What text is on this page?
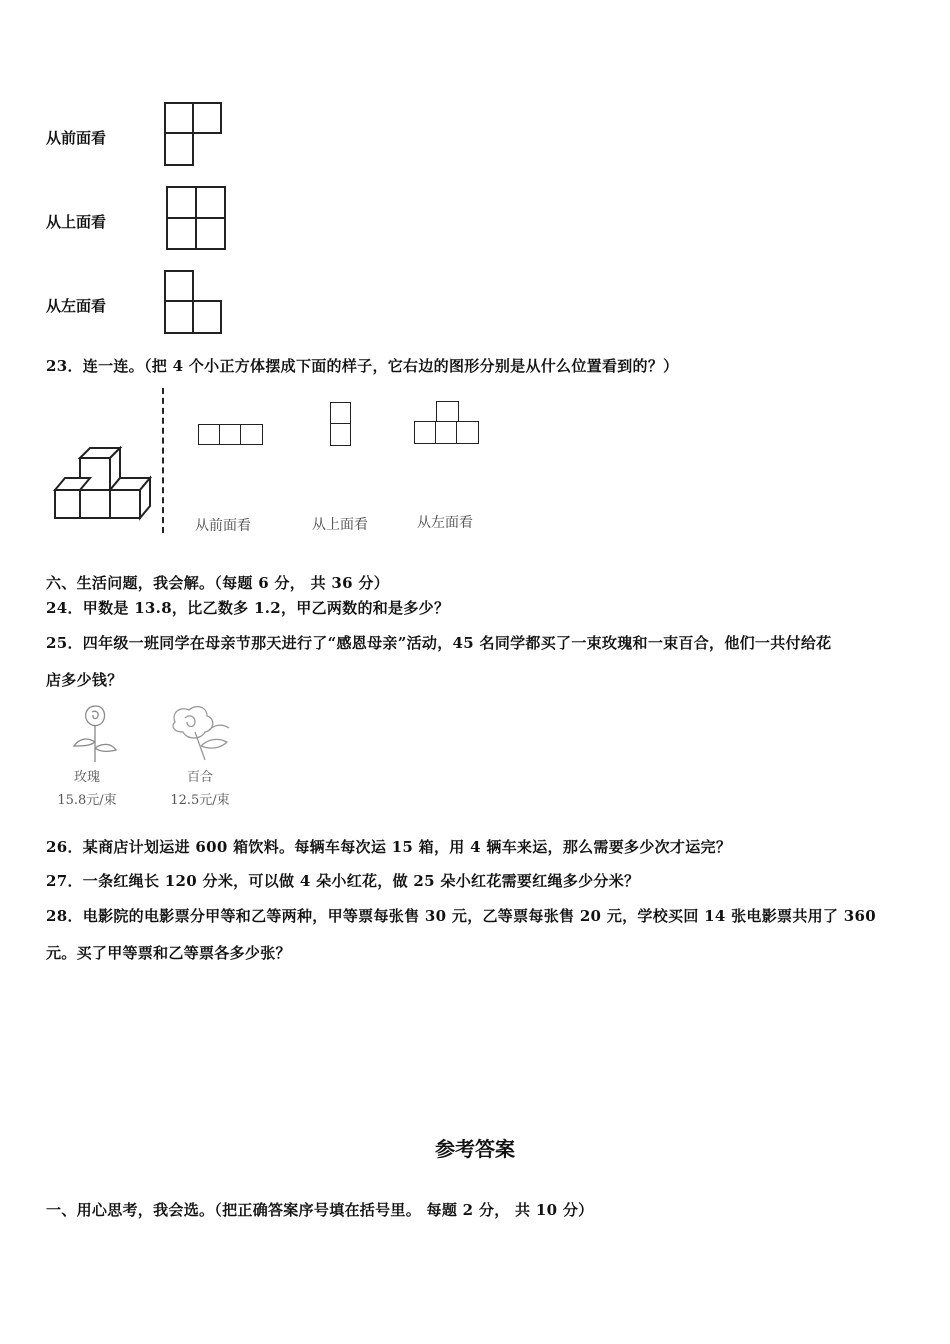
从前面看
从上面看
从左面看
23．连一连。（把 4 个小正方体摆成下面的样子，它右边的图形分别是从什么位置看到的？）
从前面看	从上面看	从左面看
六、生活问题，我会解。（每题 6 分， 共 36 分）
24．甲数是 13.8，比乙数多 1.2，甲乙两数的和是多少？
25．四年级一班同学在母亲节那天进行了“感恩母亲”活动，45 名同学都买了一束玫瑰和一束百合，他们一共付给花
店多少钱？
玫瑰
15.8元/束
百合
12.5元/束
26．某商店计划运进 600 箱饮料。每辆车每次运 15 箱，用 4 辆车来运，那么需要多少次才运完？
27．一条红绳长 120 分米，可以做 4 朵小红花，做 25 朵小红花需要红绳多少分米？
28．电影院的电影票分甲等和乙等两种，甲等票每张售 30 元，乙等票每张售 20 元，学校买回 14 张电影票共用了 360
元。买了甲等票和乙等票各多少张？
参考答案
一、用心思考，我会选。（把正确答案序号填在括号里。 每题 2 分， 共 10 分）
